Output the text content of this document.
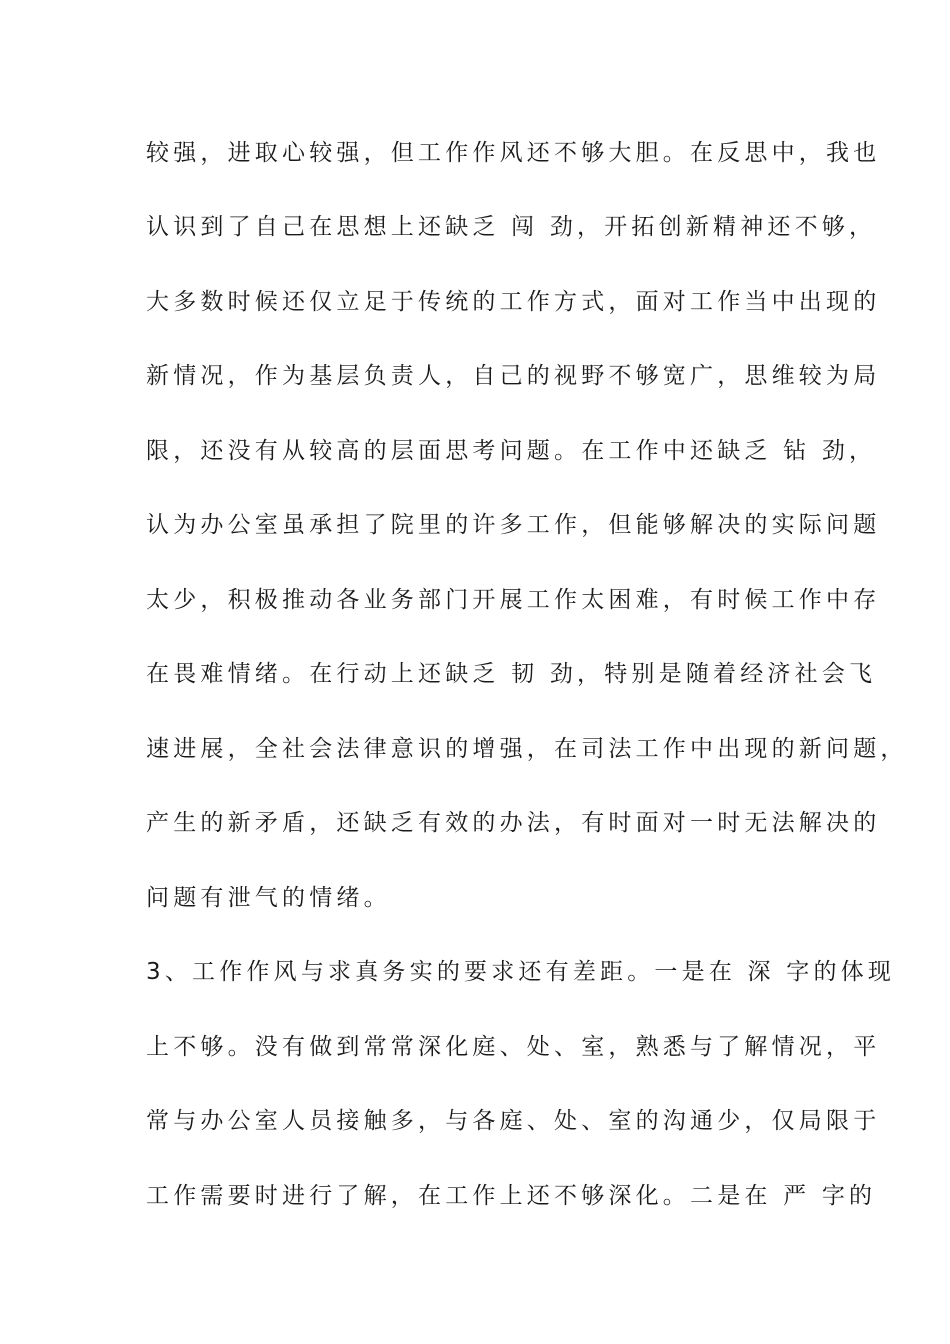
较强，进取心较强，但工作作风还不够大胆。在反思中，我也
认识到了自己在思想上还缺乏 闯 劲，开拓创新精神还不够，
大多数时候还仅立足于传统的工作方式，面对工作当中出现的
新情况，作为基层负责人，自己的视野不够宽广，思维较为局
限，还没有从较高的层面思考问题。在工作中还缺乏 钻 劲，
认为办公室虽承担了院里的许多工作，但能够解决的实际问题
太少，积极推动各业务部门开展工作太困难，有时候工作中存
在畏难情绪。在行动上还缺乏 韧 劲，特别是随着经济社会飞
速进展，全社会法律意识的增强，在司法工作中出现的新问题，
产生的新矛盾，还缺乏有效的办法，有时面对一时无法解决的
问题有泄气的情绪。
3、工作作风与求真务实的要求还有差距。一是在 深 字的体现
上不够。没有做到常常深化庭、处、室，熟悉与了解情况，平
常与办公室人员接触多，与各庭、处、室的沟通少，仅局限于
工作需要时进行了解，在工作上还不够深化。二是在 严 字的
